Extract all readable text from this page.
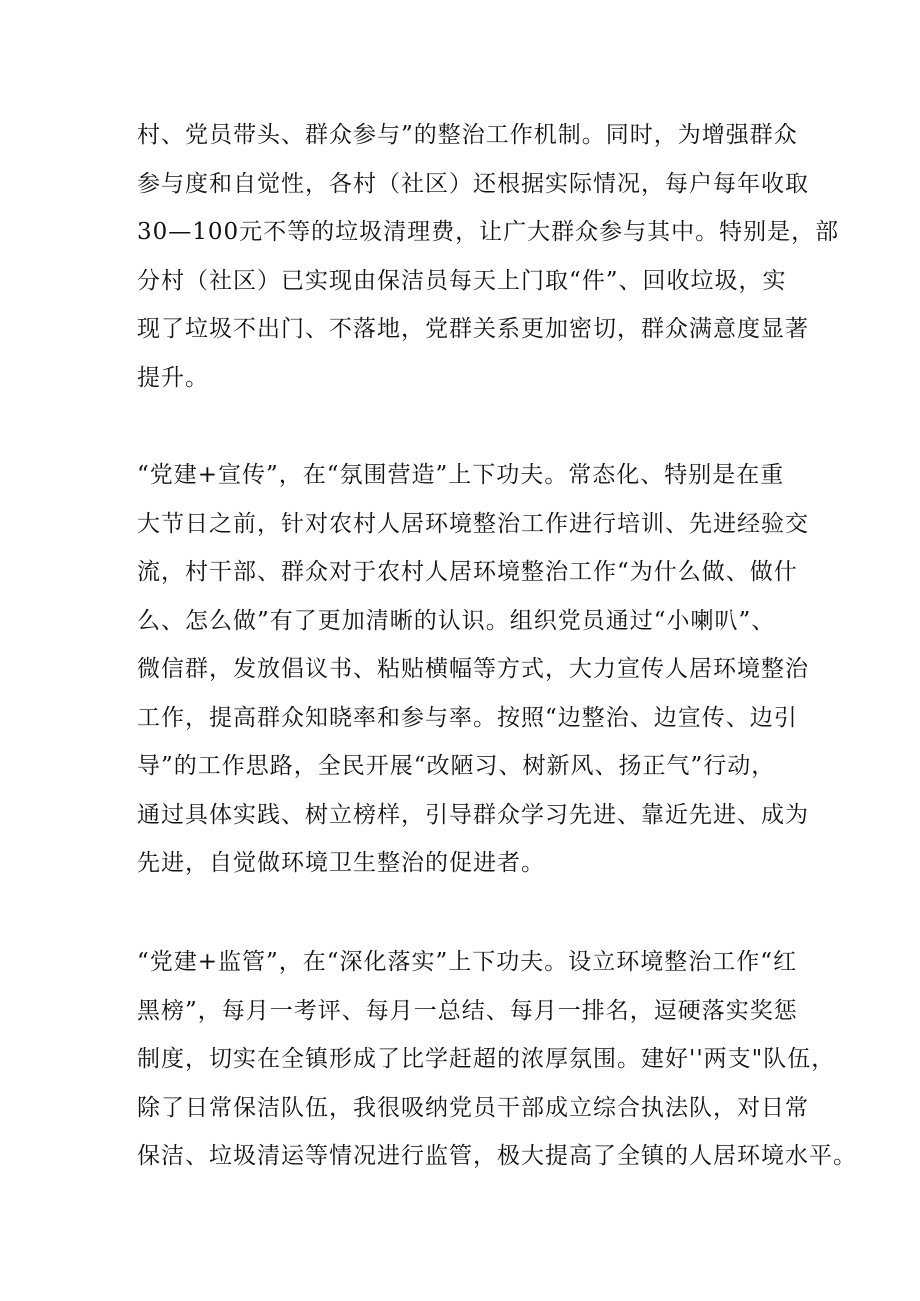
村、党员带头、群众参与”的整治工作机制。同时，为增强群众
参与度和自觉性，各村（社区）还根据实际情况，每户每年收取
30—100元不等的垃圾清理费，让广大群众参与其中。特别是，部
分村（社区）已实现由保洁员每天上门取“件”、回收垃圾，实
现了垃圾不出门、不落地，党群关系更加密切，群众满意度显著
提升。
“党建+宣传”，在“氛围营造”上下功夫。常态化、特别是在重
大节日之前，针对农村人居环境整治工作进行培训、先进经验交
流，村干部、群众对于农村人居环境整治工作“为什么做、做什
么、怎么做”有了更加清晰的认识。组织党员通过“小喇叭”、
微信群，发放倡议书、粘贴横幅等方式，大力宣传人居环境整治
工作，提高群众知晓率和参与率。按照“边整治、边宣传、边引
导”的工作思路，全民开展“改陋习、树新风、扬正气”行动，
通过具体实践、树立榜样，引导群众学习先进、靠近先进、成为
先进，自觉做环境卫生整治的促进者。
“党建+监管”，在“深化落实”上下功夫。设立环境整治工作“红
黑榜”，每月一考评、每月一总结、每月一排名，逗硬落实奖惩
制度，切实在全镇形成了比学赶超的浓厚氛围。建好''两支"队伍，
除了日常保洁队伍，我很吸纳党员干部成立综合执法队，对日常
保洁、垃圾清运等情况进行监管，极大提高了全镇的人居环境水平。
